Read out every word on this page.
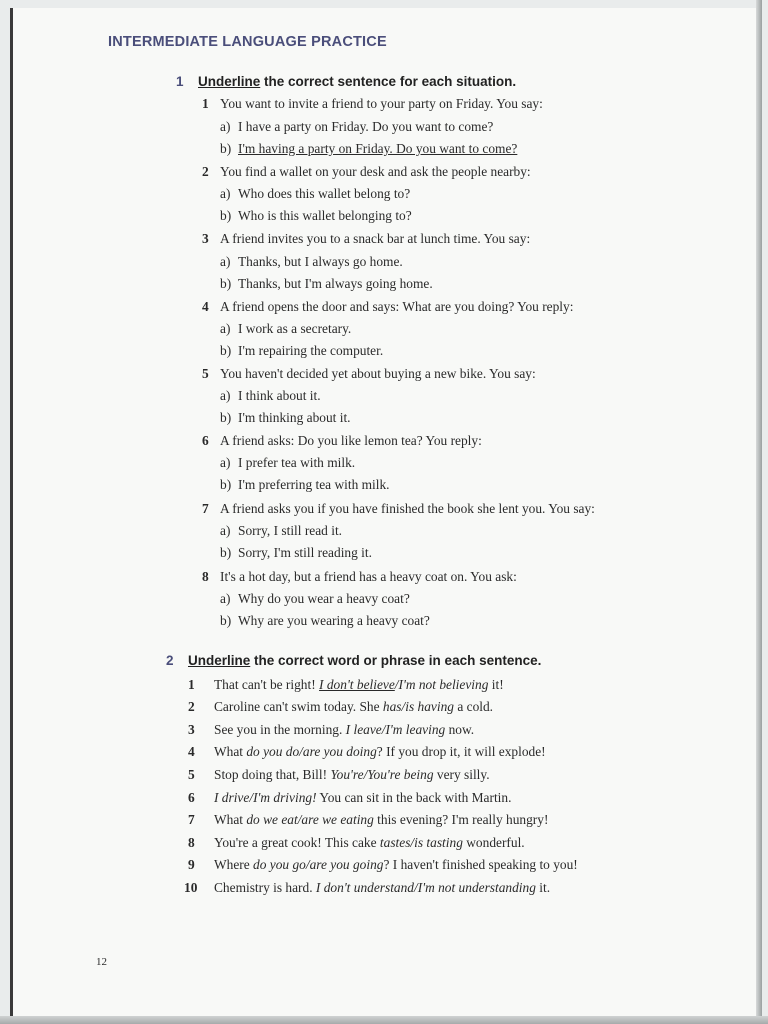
INTERMEDIATE LANGUAGE PRACTICE
1 Underline the correct sentence for each situation.
1 You want to invite a friend to your party on Friday. You say:
a) I have a party on Friday. Do you want to come?
b) I'm having a party on Friday. Do you want to come?
2 You find a wallet on your desk and ask the people nearby:
a) Who does this wallet belong to?
b) Who is this wallet belonging to?
3 A friend invites you to a snack bar at lunch time. You say:
a) Thanks, but I always go home.
b) Thanks, but I'm always going home.
4 A friend opens the door and says: What are you doing? You reply:
a) I work as a secretary.
b) I'm repairing the computer.
5 You haven't decided yet about buying a new bike. You say:
a) I think about it.
b) I'm thinking about it.
6 A friend asks: Do you like lemon tea? You reply:
a) I prefer tea with milk.
b) I'm preferring tea with milk.
7 A friend asks you if you have finished the book she lent you. You say:
a) Sorry, I still read it.
b) Sorry, I'm still reading it.
8 It's a hot day, but a friend has a heavy coat on. You ask:
a) Why do you wear a heavy coat?
b) Why are you wearing a heavy coat?
2 Underline the correct word or phrase in each sentence.
1 That can't be right! I don't believe/I'm not believing it!
2 Caroline can't swim today. She has/is having a cold.
3 See you in the morning. I leave/I'm leaving now.
4 What do you do/are you doing? If you drop it, it will explode!
5 Stop doing that, Bill! You're/You're being very silly.
6 I drive/I'm driving! You can sit in the back with Martin.
7 What do we eat/are we eating this evening? I'm really hungry!
8 You're a great cook! This cake tastes/is tasting wonderful.
9 Where do you go/are you going? I haven't finished speaking to you!
10 Chemistry is hard. I don't understand/I'm not understanding it.
12
